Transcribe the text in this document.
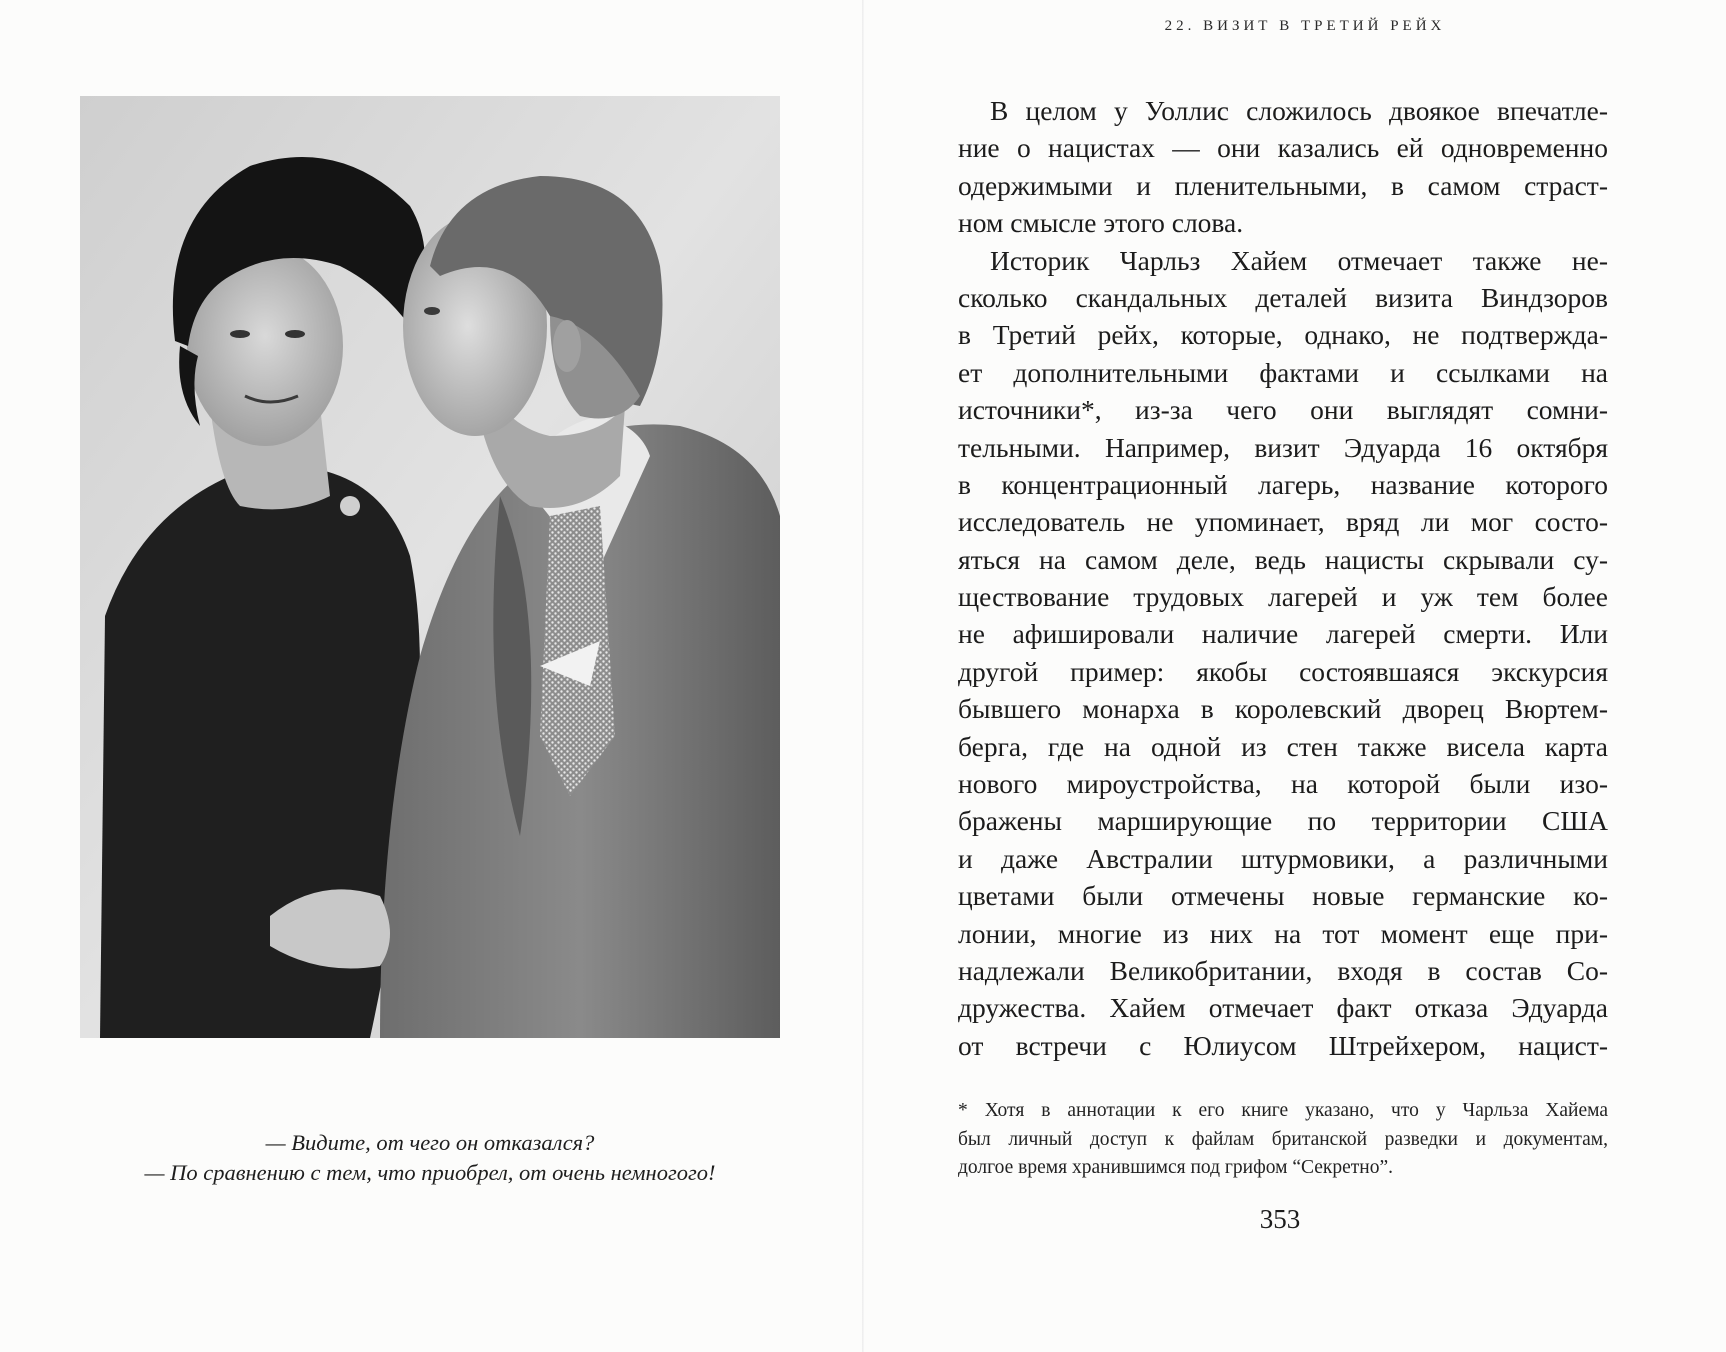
— Видите, от чего он отказался?
— По сравнению с тем, что приобрел, от очень немногого!
22. ВИЗИТ В ТРЕТИЙ РЕЙХ
В целом у Уоллис сложилось двоякое впечатле-
ние о нацистах — они казались ей одновременно
одержимыми и пленительными, в самом страст-
ном смысле этого слова.
Историк Чарльз Хайем отмечает также не-
сколько скандальных деталей визита Виндзоров
в Третий рейх, которые, однако, не подтвержда-
ет дополнительными фактами и ссылками на
источники*, из-за чего они выглядят сомни-
тельными. Например, визит Эдуарда 16 октября
в концентрационный лагерь, название которого
исследователь не упоминает, вряд ли мог состо-
яться на самом деле, ведь нацисты скрывали су-
ществование трудовых лагерей и уж тем более
не афишировали наличие лагерей смерти. Или
другой пример: якобы состоявшаяся экскурсия
бывшего монарха в королевский дворец Вюртем-
берга, где на одной из стен также висела карта
нового мироустройства, на которой были изо-
бражены марширующие по территории США
и даже Австралии штурмовики, а различными
цветами были отмечены новые германские ко-
лонии, многие из них на тот момент еще при-
надлежали Великобритании, входя в состав Со-
дружества. Хайем отмечает факт отказа Эдуарда
от встречи с Юлиусом Штрейхером, нацист-
* Хотя в аннотации к его книге указано, что у Чарльза Хайема
был личный доступ к файлам британской разведки и документам,
долгое время хранившимся под грифом “Секретно”.
353
